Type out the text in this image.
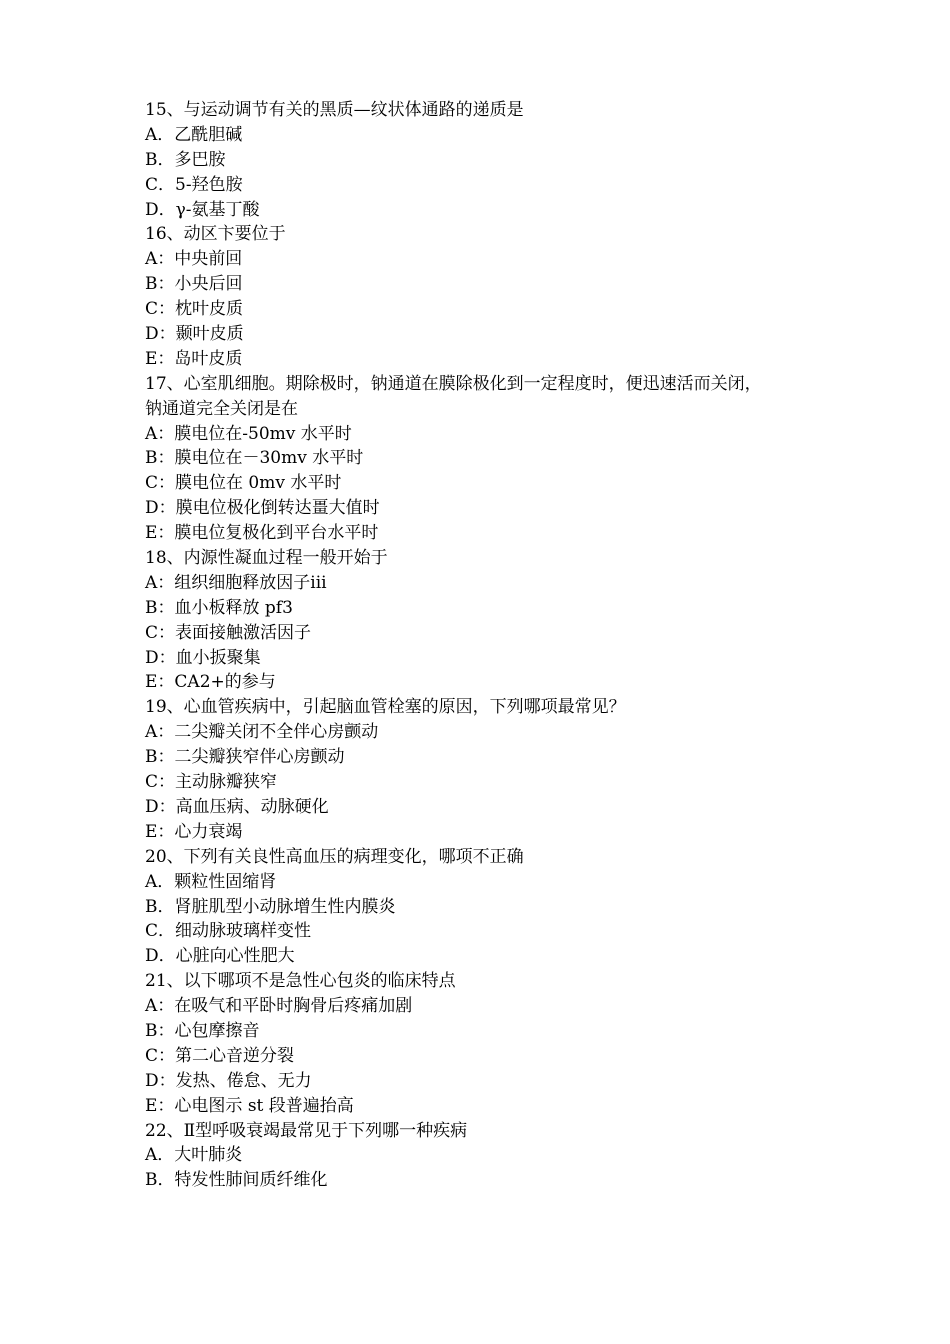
15、与运动调节有关的黑质—纹状体通路的递质是
A．乙酰胆碱
B．多巴胺
C．5-羟色胺
D．γ-氨基丁酸
16、动区卞要位于
A：中央前回
B：小央后回
C：枕叶皮质
D：颞叶皮质
E：岛叶皮质
17、心室肌细胞。期除极时，钠通道在膜除极化到一定程度时，便迅速活而关闭，
钠通道完全关闭是在
A：膜电位在-50mv 水平时
B：膜电位在－30mv 水平时
C：膜电位在 0mv 水平时
D：膜电位极化倒转达畺大值时
E：膜电位复极化到平台水平时
18、内源性凝血过程一般开始于
A：组织细胞释放因子iii
B：血小板释放 pf3
C：表面接触激活因子
D：血小扳聚集
E：CA2+的参与
19、心血管疾病中，引起脑血管栓塞的原因，下列哪项最常见？
A：二尖瓣关闭不全伴心房颤动
B：二尖瓣狭窄伴心房颤动
C：主动脉瓣狭窄
D：高血压病、动脉硬化
E：心力衰竭
20、下列有关良性高血压的病理变化，哪项不正确
A．颗粒性固缩肾
B．肾脏肌型小动脉增生性内膜炎
C．细动脉玻璃样变性
D．心脏向心性肥大
21、以下哪项不是急性心包炎的临床特点
A：在吸气和平卧时胸骨后疼痛加剧
B：心包摩擦音
C：第二心音逆分裂
D：发热、倦怠、无力
E：心电图示 st 段普遍抬高
22、Ⅱ型呼吸衰竭最常见于下列哪一种疾病
A．大叶肺炎
B．特发性肺间质纤维化
